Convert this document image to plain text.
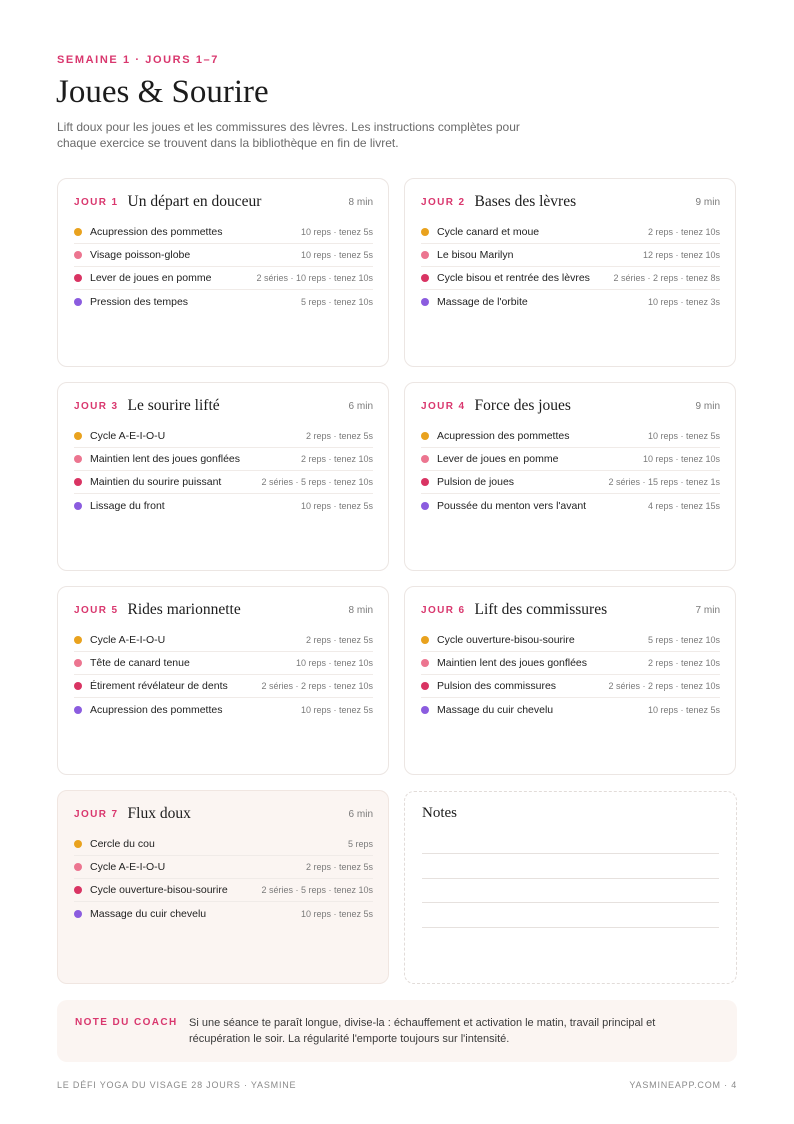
SEMAINE 1 · JOURS 1–7
Joues & Sourire

Lift doux pour les joues et les commissures des lèvres. Les instructions complètes pour chaque exercice se trouvent dans la bibliothèque en fin de livret.

JOUR 1 Un départ en douceur	8 min
Acupression des pommettes	10 reps · tenez 5s
Visage poisson-globe	10 reps · tenez 5s
Lever de joues en pomme	2 séries · 10 reps · tenez 10s
Pression des tempes	5 reps · tenez 10s
JOUR 2 Bases des lèvres	9 min
Cycle canard et moue	2 reps · tenez 10s
Le bisou Marilyn	12 reps · tenez 10s
Cycle bisou et rentrée des lèvres	2 séries · 2 reps · tenez 8s
Massage de l'orbite	10 reps · tenez 3s
JOUR 3 Le sourire lifté	6 min
Cycle A-E-I-O-U	2 reps · tenez 5s
Maintien lent des joues gonflées	2 reps · tenez 10s
Maintien du sourire puissant	2 séries · 5 reps · tenez 10s
Lissage du front	10 reps · tenez 5s
JOUR 4 Force des joues	9 min
Acupression des pommettes	10 reps · tenez 5s
Lever de joues en pomme	10 reps · tenez 10s
Pulsion de joues	2 séries · 15 reps · tenez 1s
Poussée du menton vers l'avant	4 reps · tenez 15s
JOUR 5 Rides marionnette	8 min
Cycle A-E-I-O-U	2 reps · tenez 5s
Tête de canard tenue	10 reps · tenez 10s
Étirement révélateur de dents	2 séries · 2 reps · tenez 10s
Acupression des pommettes	10 reps · tenez 5s
JOUR 6 Lift des commissures	7 min
Cycle ouverture-bisou-sourire	5 reps · tenez 10s
Maintien lent des joues gonflées	2 reps · tenez 10s
Pulsion des commissures	2 séries · 2 reps · tenez 10s
Massage du cuir chevelu	10 reps · tenez 5s
JOUR 7 Flux doux	6 min
Cercle du cou	5 reps
Cycle A-E-I-O-U	2 reps · tenez 5s
Cycle ouverture-bisou-sourire	2 séries · 5 reps · tenez 10s
Massage du cuir chevelu	10 reps · tenez 5s
Notes
NOTE DU COACH Si une séance te paraît longue, divise-la : échauffement et activation le matin, travail principal et récupération le soir. La régularité l'emporte toujours sur l'intensité.
LE DÉFI YOGA DU VISAGE 28 JOURS · YASMINE	YASMINEAPP.COM · 4
